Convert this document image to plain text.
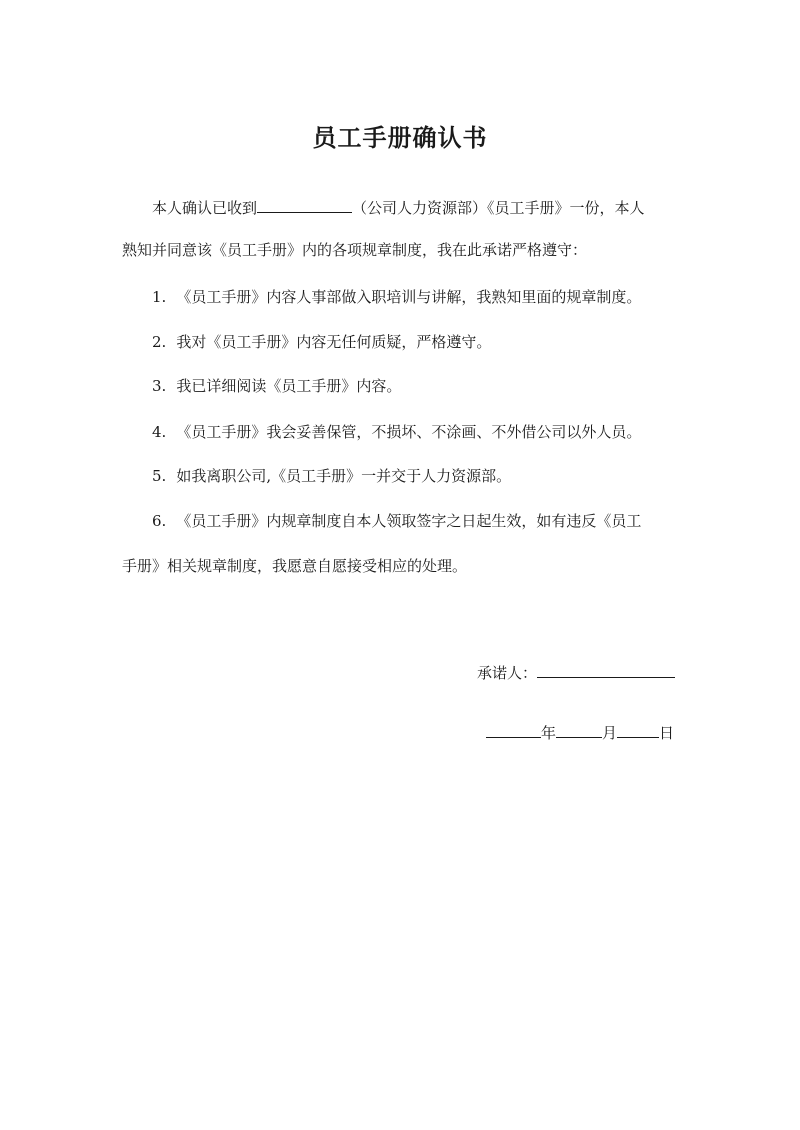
员工手册确认书
本人确认已收到	（公司人力资源部）《员工手册》一份，本人
熟知并同意该《员工手册》内的各项规章制度，我在此承诺严格遵守：
1. 《员工手册》内容人事部做入职培训与讲解，我熟知里面的规章制度。
2. 我对《员工手册》内容无任何质疑，严格遵守。
3. 我已详细阅读《员工手册》内容。
4. 《员工手册》我会妥善保管，不损坏、不涂画、不外借公司以外人员。
5. 如我离职公司,《员工手册》一并交于人力资源部。
6. 《员工手册》内规章制度自本人领取签字之日起生效，如有违反《员工
手册》相关规章制度，我愿意自愿接受相应的处理。
承诺人：
年	月	日
